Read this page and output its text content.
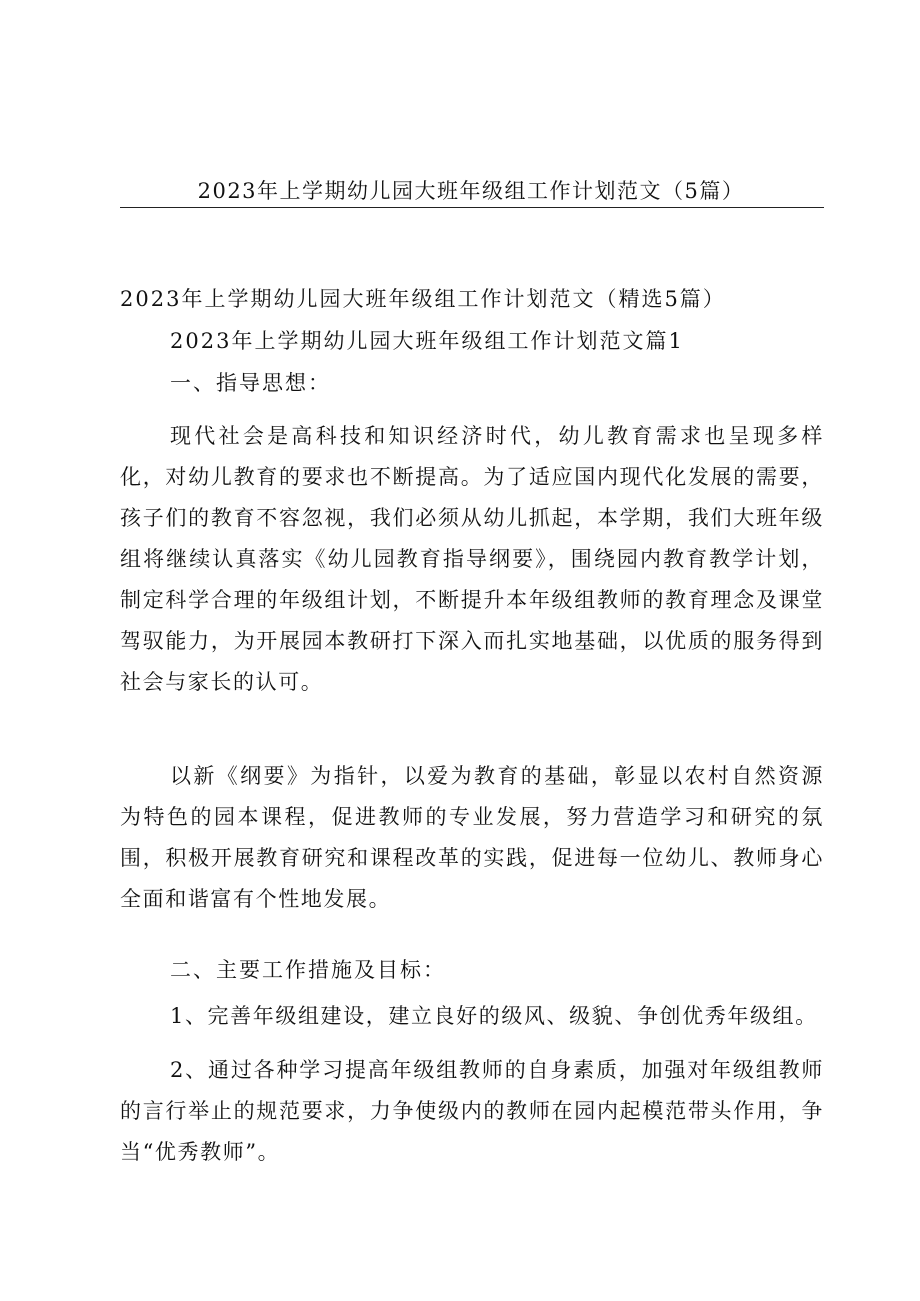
2023年上学期幼儿园大班年级组工作计划范文（5篇）
2023年上学期幼儿园大班年级组工作计划范文（精选5篇）
2023年上学期幼儿园大班年级组工作计划范文篇1
一、指导思想：
现代社会是高科技和知识经济时代，幼儿教育需求也呈现多样化，对幼儿教育的要求也不断提高。为了适应国内现代化发展的需要，孩子们的教育不容忽视，我们必须从幼儿抓起，本学期，我们大班年级组将继续认真落实《幼儿园教育指导纲要》，围绕园内教育教学计划，制定科学合理的年级组计划，不断提升本年级组教师的教育理念及课堂驾驭能力，为开展园本教研打下深入而扎实地基础，以优质的服务得到社会与家长的认可。
以新《纲要》为指针，以爱为教育的基础，彰显以农村自然资源为特色的园本课程，促进教师的专业发展，努力营造学习和研究的氛围，积极开展教育研究和课程改革的实践，促进每一位幼儿、教师身心全面和谐富有个性地发展。
二、主要工作措施及目标：
1、完善年级组建设，建立良好的级风、级貌、争创优秀年级组。
2、通过各种学习提高年级组教师的自身素质，加强对年级组教师的言行举止的规范要求，力争使级内的教师在园内起模范带头作用，争当“优秀教师”。
